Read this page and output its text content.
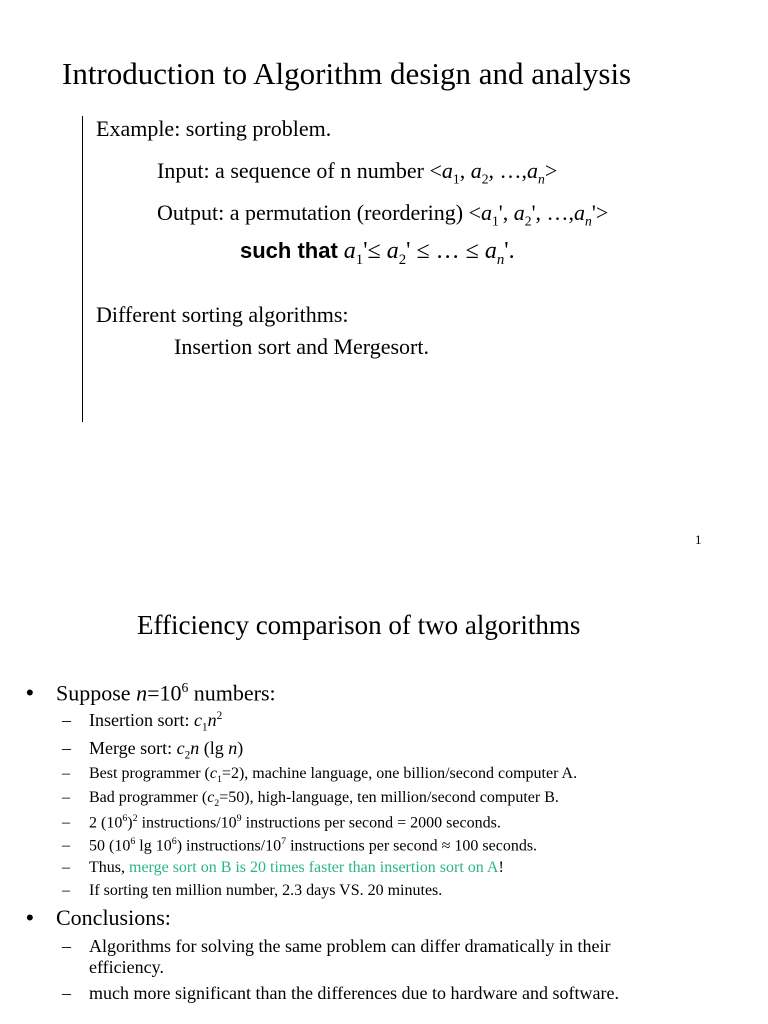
Introduction to Algorithm design and analysis
Example: sorting problem.
Input: a sequence of n number $<a_1$, $a_2$, $\dots,a_n>$
Output: a permutation (reordering) $<a_1'$, $a_2'$, $\dots,a_n'>$
such that $a_1'\le a_2'$ ≤ … ≤ $a_n'$.
Different sorting algorithms:
Insertion sort and Mergesort.
1
Efficiency comparison of two algorithms
• Suppose $n=10^6$ numbers:
– Insertion sort: $c_1n^2$
– Merge sort: $c_2n$ (lg n)
– Best programmer $(c_1=2)$, machine language, one billion/second computer A.
– Bad programmer $(c_2=50)$, high-language, ten million/second computer B.
– 2 $(10^6)^2$ instructions/$10^9$ instructions per second = 2000 seconds.
– 50 ($10^6$ $\lg 10^6$) instructions/$10^7$ instructions per second ≈ 100 seconds.
– Thus, merge sort on B is 20 times faster than insertion sort on A!
– If sorting ten million number, 2.3 days VS. 20 minutes.
• Conclusions:
– Algorithms for solving the same problem can differ dramatically in their
efficiency.
– much more significant than the differences due to hardware and software.
